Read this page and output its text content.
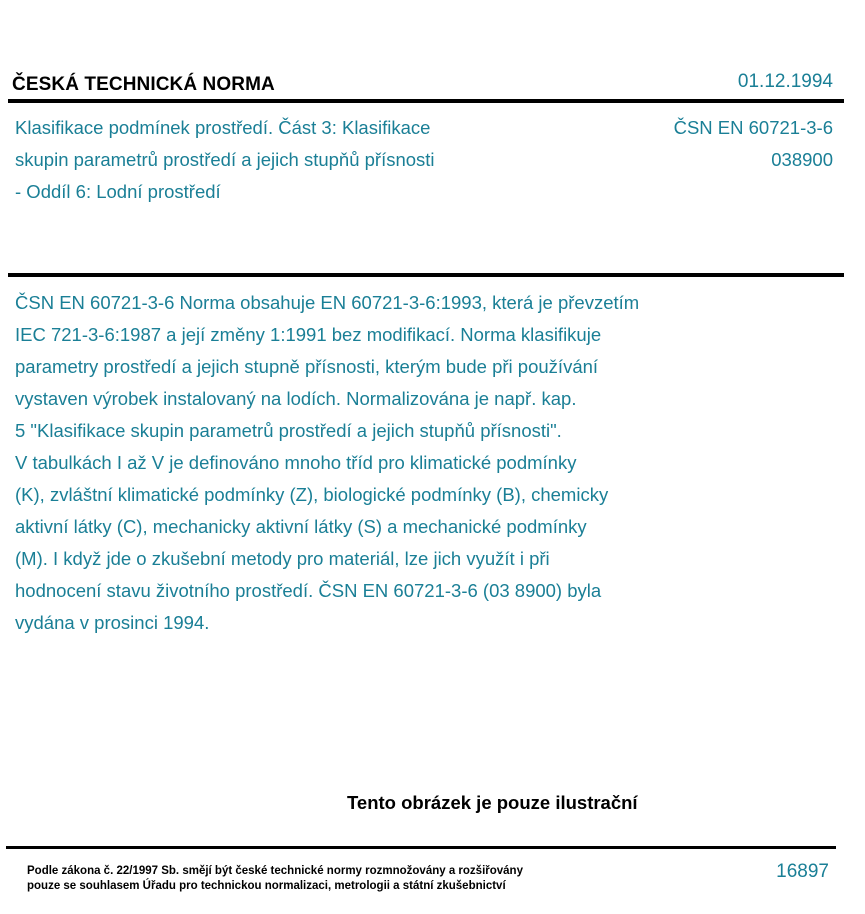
ČESKÁ TECHNICKÁ NORMA	01.12.1994
Klasifikace podmínek prostředí. Část 3: Klasifikace
skupin parametrů prostředí a jejich stupňů přísnosti
- Oddíl 6: Lodní prostředí
ČSN EN 60721-3-6
038900
ČSN EN 60721-3-6 Norma obsahuje EN 60721-3-6:1993, která je převzetím
IEC 721-3-6:1987 a její změny 1:1991 bez modifikací. Norma klasifikuje
parametry prostředí a jejich stupně přísnosti, kterým bude při používání
vystaven výrobek instalovaný na lodích. Normalizována je např. kap.
5 "Klasifikace skupin parametrů prostředí a jejich stupňů přísnosti".
V tabulkách I až V je definováno mnoho tříd pro klimatické podmínky
(K), zvláštní klimatické podmínky (Z), biologické podmínky (B), chemicky
aktivní látky (C), mechanicky aktivní látky (S) a mechanické podmínky
(M). I když jde o zkušební metody pro materiál, lze jich využít i při
hodnocení stavu životního prostředí. ČSN EN 60721-3-6 (03 8900) byla
vydána v prosinci 1994.
Tento obrázek je pouze ilustrační
Podle zákona č. 22/1997 Sb. smějí být české technické normy rozmnožovány a rozšiřovány
pouze se souhlasem Úřadu pro technickou normalizaci, metrologii a státní zkušebnictví
16897
